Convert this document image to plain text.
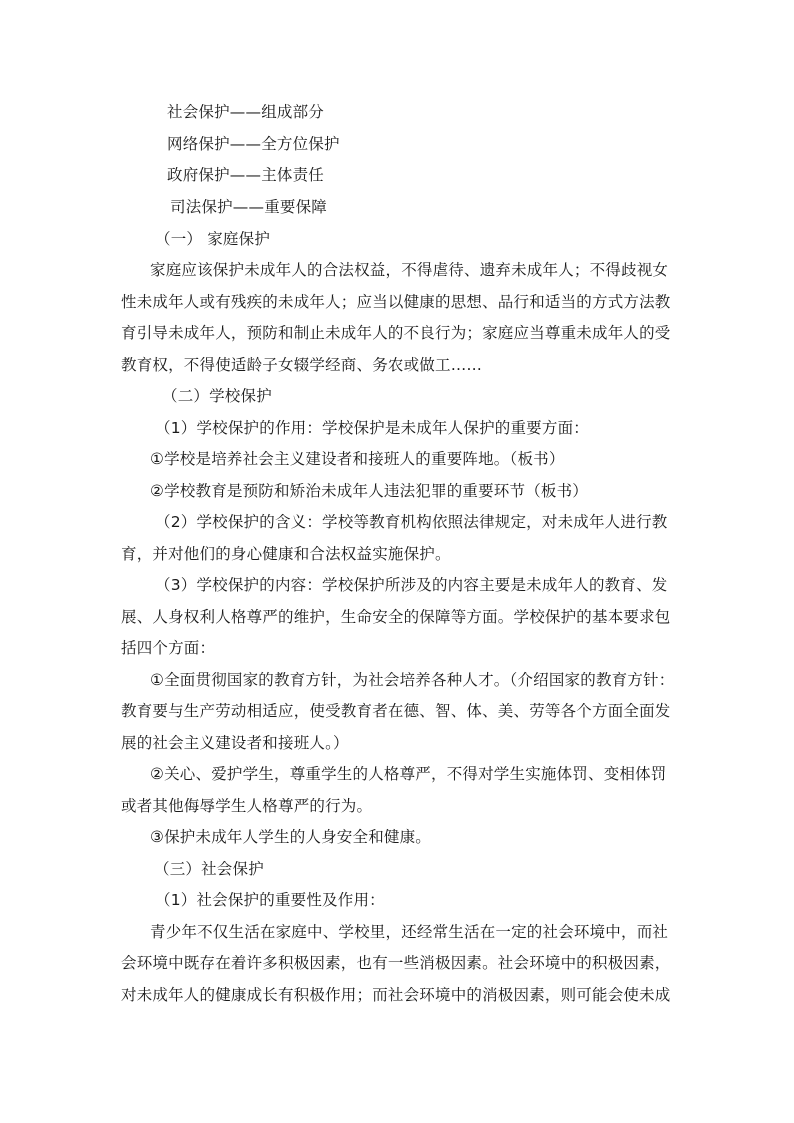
社会保护——组成部分
网络保护——全方位保护
政府保护——主体责任
司法保护——重要保障
（一） 家庭保护
家庭应该保护未成年人的合法权益，不得虐待、遗弃未成年人；不得歧视女
性未成年人或有残疾的未成年人；应当以健康的思想、品行和适当的方式方法教
育引导未成年人，预防和制止未成年人的不良行为；家庭应当尊重未成年人的受
教育权，不得使适龄子女辍学经商、务农或做工……
（二）学校保护
（1）学校保护的作用：学校保护是未成年人保护的重要方面：
①学校是培养社会主义建设者和接班人的重要阵地。（板书）
②学校教育是预防和矫治未成年人违法犯罪的重要环节（板书）
（2）学校保护的含义：学校等教育机构依照法律规定，对未成年人进行教
育，并对他们的身心健康和合法权益实施保护。
（3）学校保护的内容：学校保护所涉及的内容主要是未成年人的教育、发
展、人身权利人格尊严的维护，生命安全的保障等方面。学校保护的基本要求包
括四个方面：
①全面贯彻国家的教育方针，为社会培养各种人才。（介绍国家的教育方针：
教育要与生产劳动相适应，使受教育者在德、智、体、美、劳等各个方面全面发
展的社会主义建设者和接班人。）
②关心、爱护学生，尊重学生的人格尊严，不得对学生实施体罚、变相体罚
或者其他侮辱学生人格尊严的行为。
③保护未成年人学生的人身安全和健康。
（三）社会保护
（1）社会保护的重要性及作用：
青少年不仅生活在家庭中、学校里，还经常生活在一定的社会环境中，而社
会环境中既存在着许多积极因素，也有一些消极因素。社会环境中的积极因素，
对未成年人的健康成长有积极作用；而社会环境中的消极因素，则可能会使未成
